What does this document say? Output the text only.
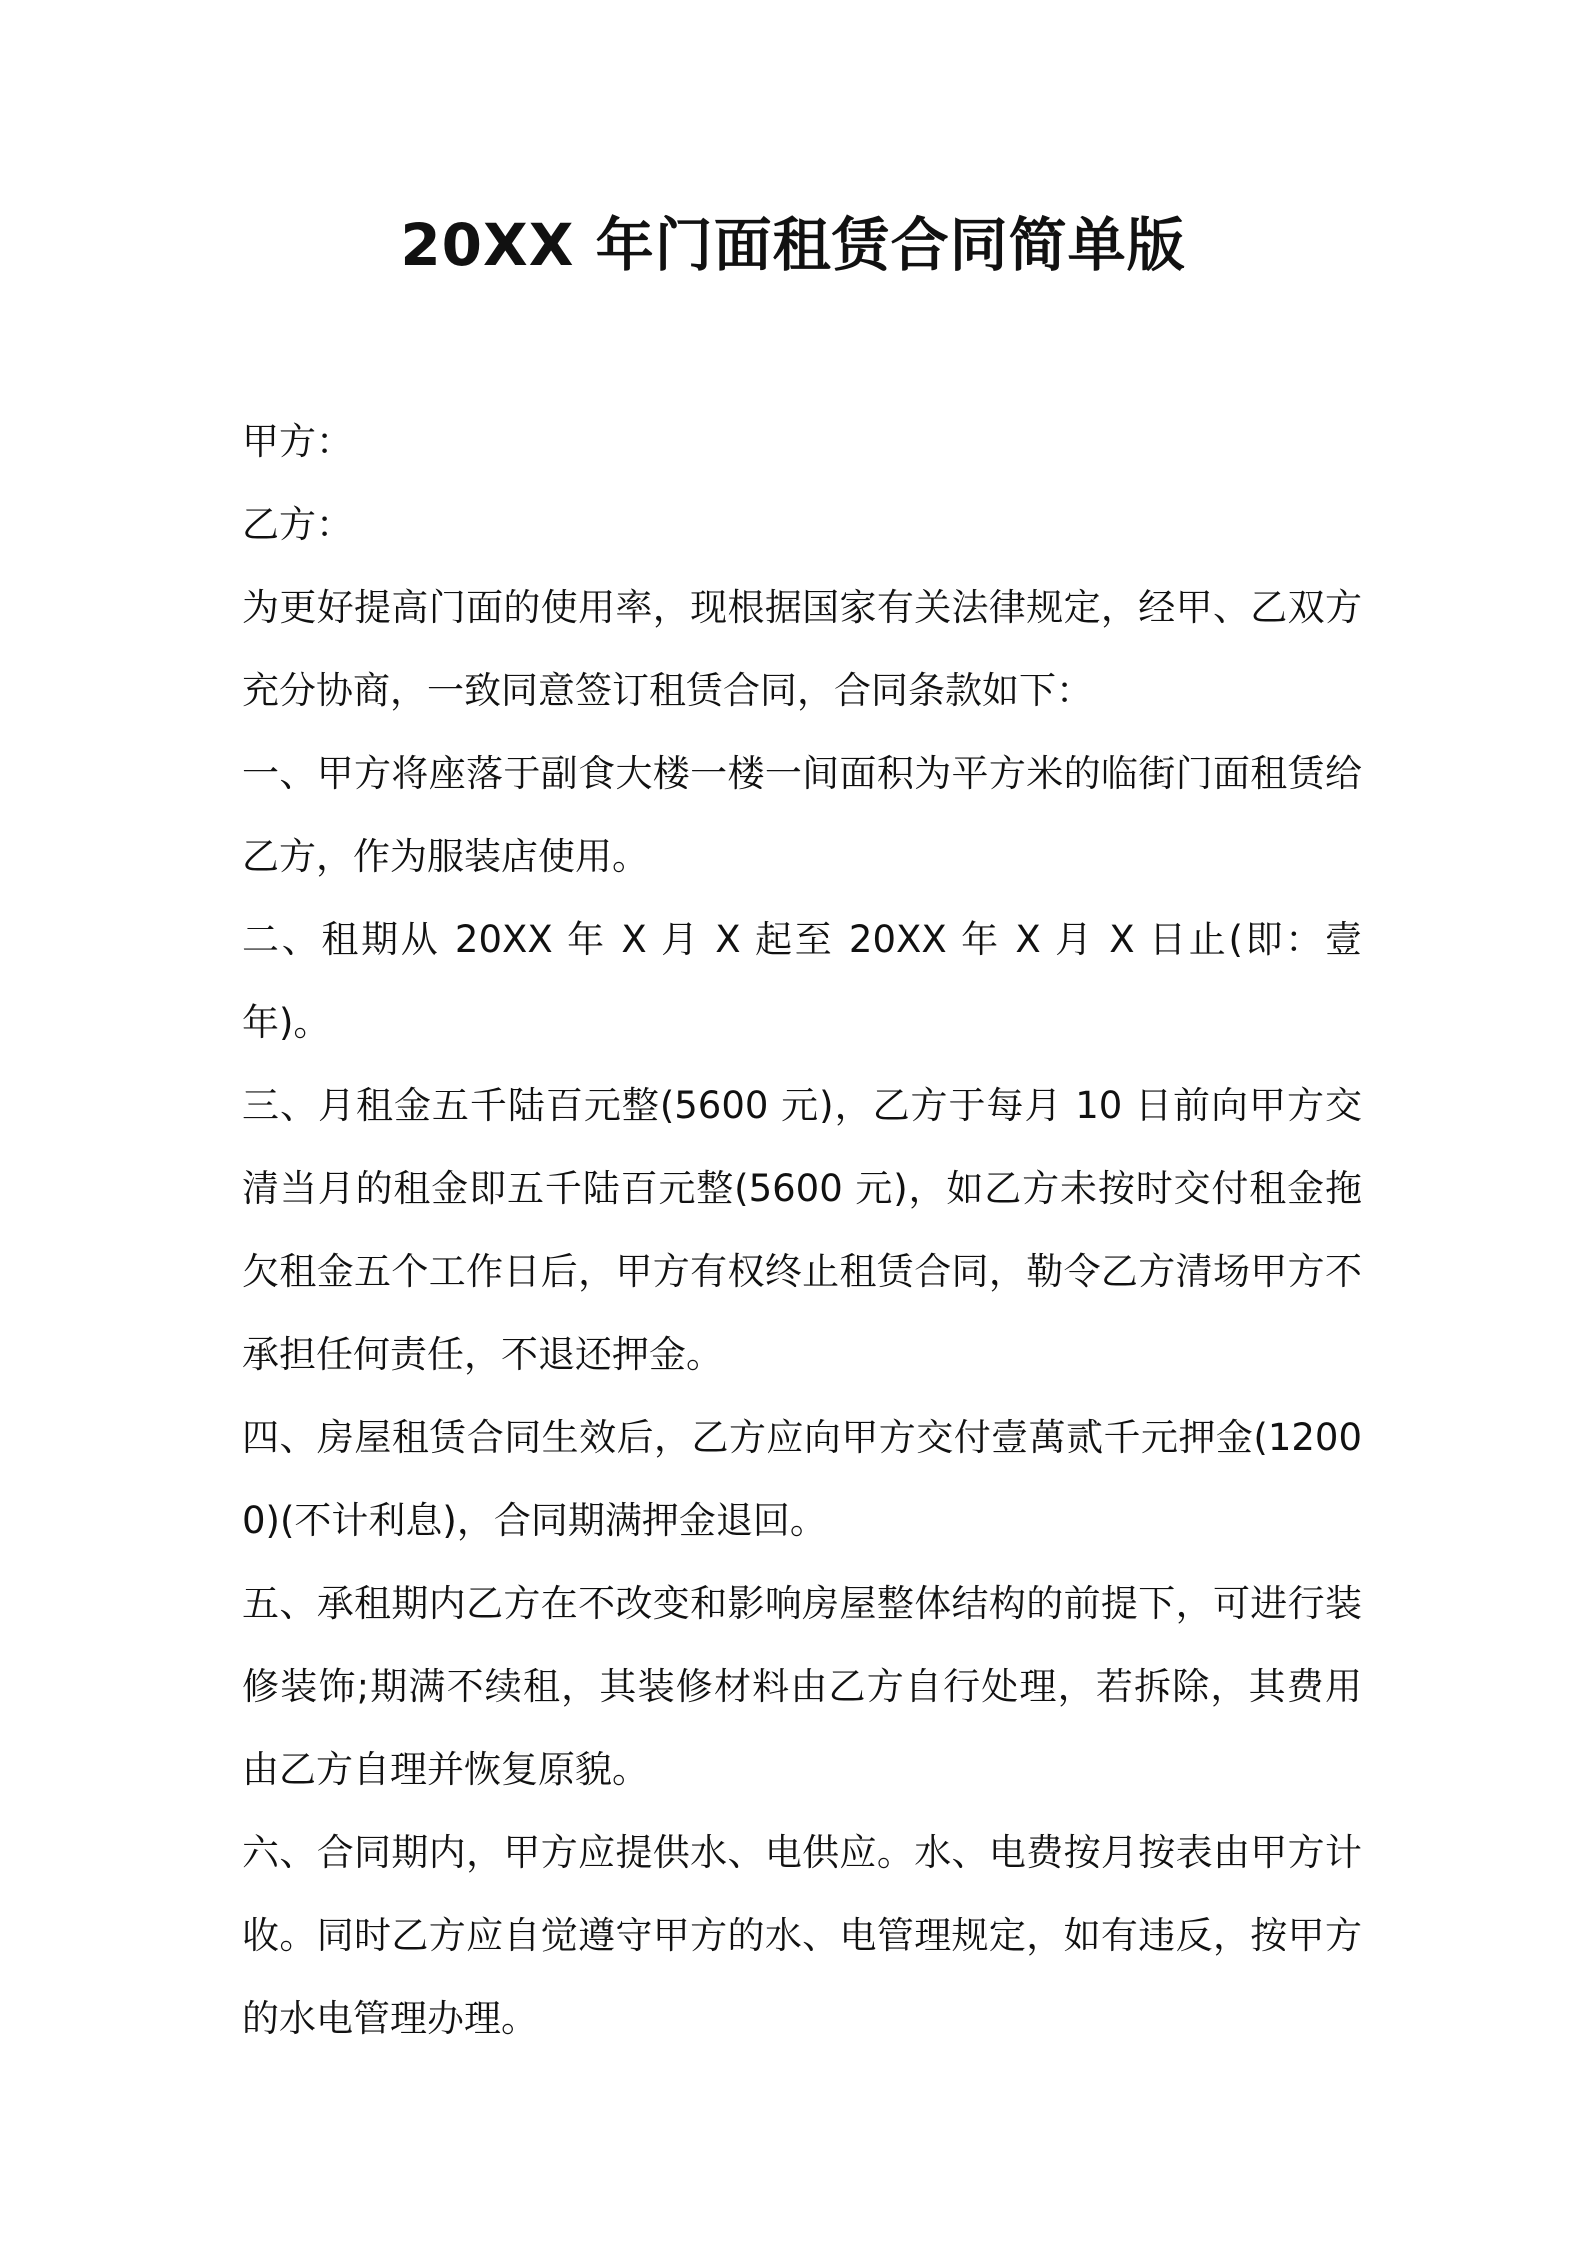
20XX 年门面租赁合同简单版

甲方：

乙方：

为更好提高门面的使用率，现根据国家有关法律规定，经甲、乙双方充分协商，一致同意签订租赁合同，合同条款如下：

一、甲方将座落于副食大楼一楼一间面积为平方米的临街门面租赁给乙方，作为服装店使用。

二、租期从 20XX 年 X 月 X 起至 20XX 年 X 月 X 日止(即：壹年)。

三、月租金五千陆百元整(5600 元)，乙方于每月 10 日前向甲方交清当月的租金即五千陆百元整(5600 元)，如乙方未按时交付租金拖欠租金五个工作日后，甲方有权终止租赁合同，勒令乙方清场甲方不承担任何责任，不退还押金。

四、房屋租赁合同生效后，乙方应向甲方交付壹萬贰千元押金(12000)(不计利息)，合同期满押金退回。

五、承租期内乙方在不改变和影响房屋整体结构的前提下，可进行装修装饰;期满不续租，其装修材料由乙方自行处理，若拆除，其费用由乙方自理并恢复原貌。

六、合同期内，甲方应提供水、电供应。水、电费按月按表由甲方计收。同时乙方应自觉遵守甲方的水、电管理规定，如有违反，按甲方的水电管理办理。
